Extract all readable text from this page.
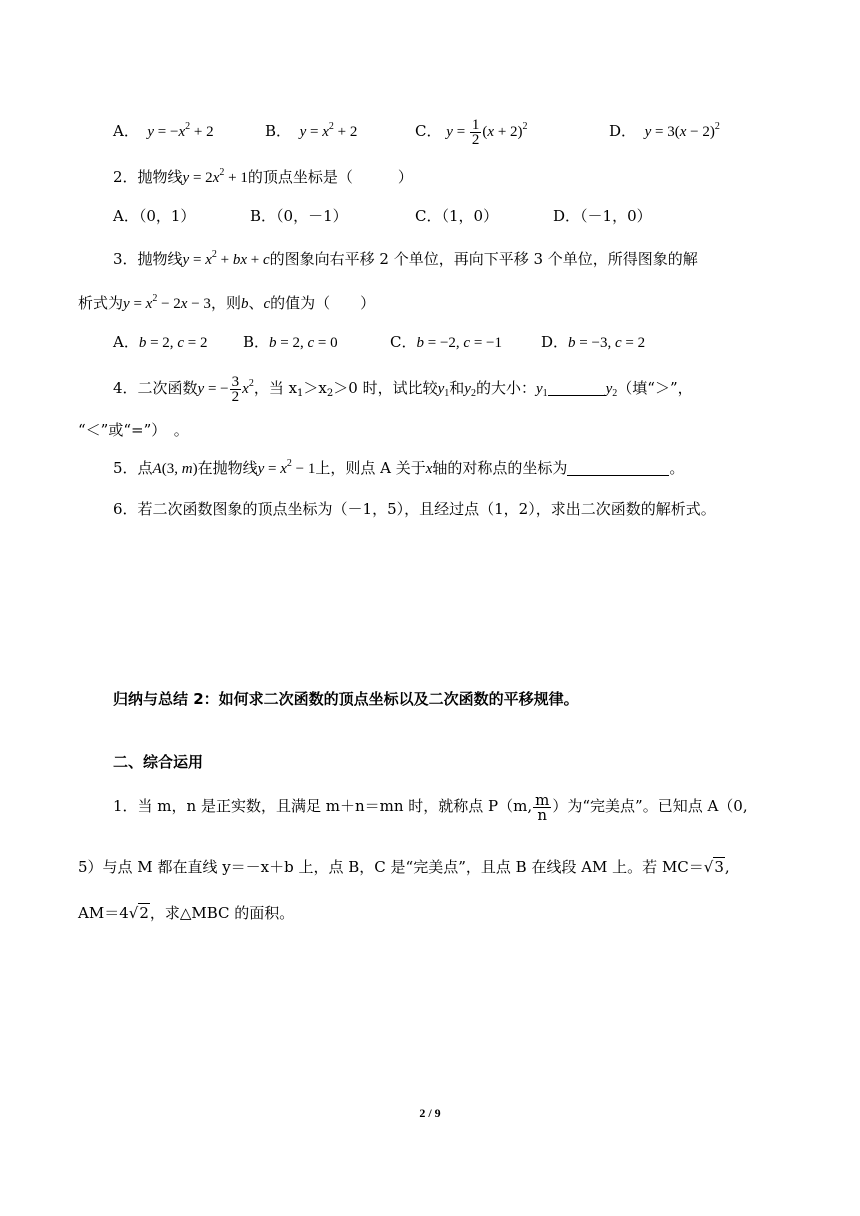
A．  $y = -x^2 + 2$	B．  $y = x^2 + 2$	C． $y = \frac{1}{2} (x + 2)^2$	D．  $y = 3(x - 2)^2$
2．抛物线$y = 2x^2 + 1$的顶点坐标是（　　　）
A．（0，1）	B．（0，－1）	C．（1，0）	D．（－1，0）
3．抛物线$y = x^2$ + bx + c的图象向右平移 2 个单位，再向下平移 3 个单位，所得图象的解
析式为$y = x^2 - 2x - 3$，则b、c的值为（　　）
A．b = 2, c = 2 B．b = 2, c = 0	C．b = −2, c = −1	D．b = −3, c = 2
4．二次函数y = − $\frac{3}{2} x^2$，当 $x_1>x_2>0$ 时，试比较$y_1$和$y_2$的大小：$y_1$	$y_2$（填“＞”，
“＜”或“=”）　。
5．点A(3, m)在抛物线$y = x^2 - 1$上，则点 A 关于x轴的对称点的坐标为	。
6．若二次函数图象的顶点坐标为（－1，5），且经过点（1，2），求出二次函数的解析式。
归纳与总结 2：如何求二次函数的顶点坐标以及二次函数的平移规律。
二、综合运用
1．当 m，n 是正实数，且满足 m＋n＝mn 时，就称点 P（m, $\frac{m}{n}$ ）为“完美点”。已知点 A（0,
5）与点 M 都在直线 y＝－x＋b 上，点 B，C 是“完美点”，且点 B 在线段 AM 上。若 MC＝√3,
AM＝4√2，求△MBC 的面积。
2 / 9
